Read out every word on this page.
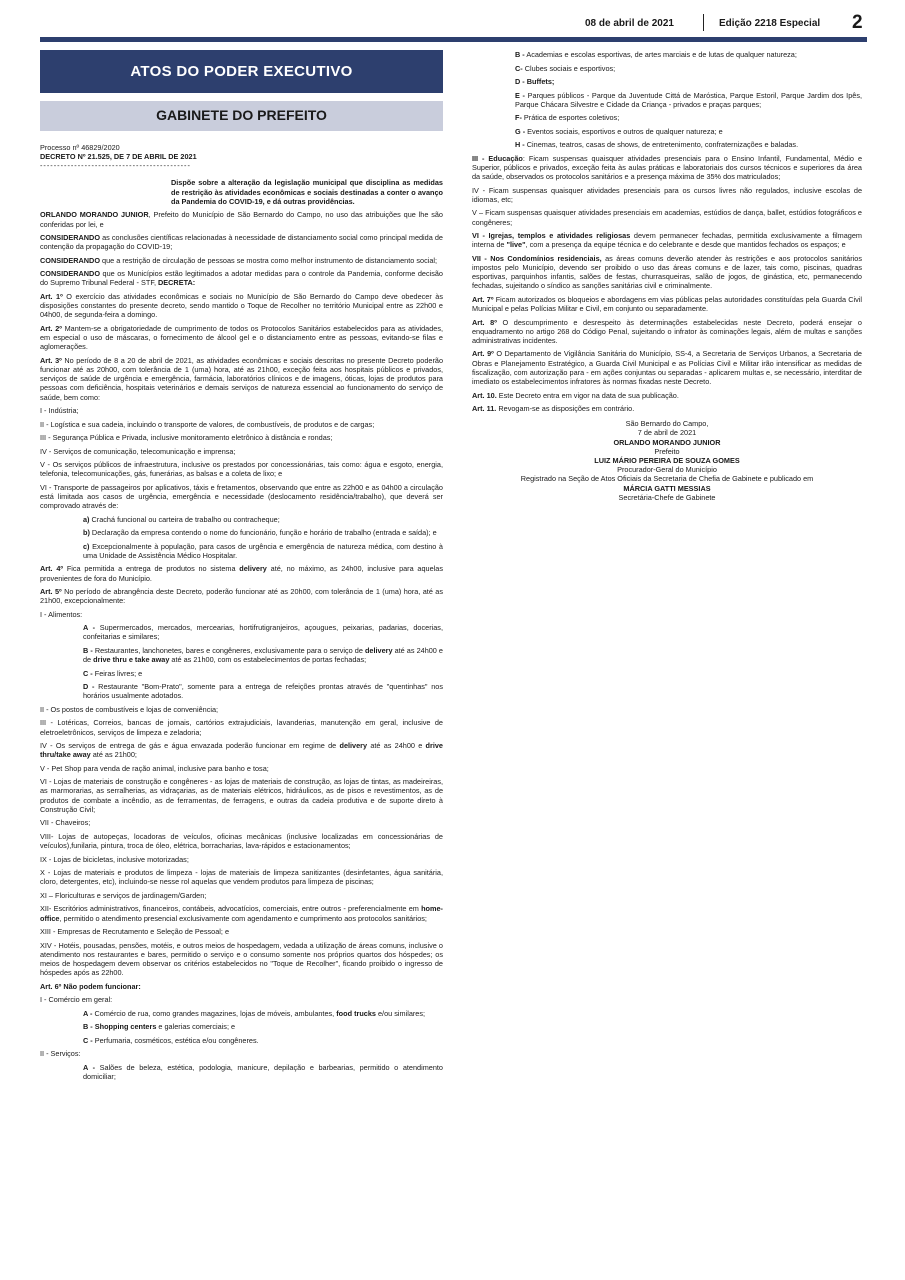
08 de abril de 2021	Edição 2218 Especial 2
ATOS DO PODER EXECUTIVO
GABINETE DO PREFEITO
Processo nº 46829/2020
DECRETO Nº 21.525, DE 7 DE ABRIL DE 2021
--------------------------------------------

Dispõe sobre a alteração da legislação municipal que disciplina as medidas de restrição às atividades econômicas e sociais destinadas a conter o avanço da Pandemia do COVID-19, e dá outras providências.

ORLANDO MORANDO JUNIOR, Prefeito do Município de São Bernardo do Campo, no uso das atribuições que lhe são conferidas por lei, e

CONSIDERANDO as conclusões científicas relacionadas à necessidade de distanciamento social como principal medida de contenção da propagação do COVID-19;

CONSIDERANDO que a restrição de circulação de pessoas se mostra como melhor instrumento de distanciamento social;

CONSIDERANDO que os Municípios estão legitimados a adotar medidas para o controle da Pandemia, conforme decisão do Supremo Tribunal Federal - STF, DECRETA:

Art. 1º O exercício das atividades econômicas e sociais no Município de São Bernardo do Campo deve obedecer às disposições constantes do presente decreto, sendo mantido o Toque de Recolher no território Municipal entre as 22h00 e 04h00, de segunda-feira a domingo.

Art. 2º Mantem-se a obrigatoriedade de cumprimento de todos os Protocolos Sanitários estabelecidos para as atividades, em especial o uso de máscaras, o fornecimento de álcool gel e o distanciamento entre as pessoas, evitando-se filas e aglomerações.

Art. 3º No período de 8 a 20 de abril de 2021, as atividades econômicas e sociais descritas no presente Decreto poderão funcionar até as 20h00, com tolerância de 1 (uma) hora, até as 21h00, exceção feita aos hospitais públicos e privados, serviços de saúde de urgência e emergência, farmácia, laboratórios clínicos e de imagens, óticas, lojas de produtos para pessoas com deficiência, hospitais veterinários e demais serviços de natureza essencial ao funcionamento do serviço de saúde, bem como:

I - Indústria;

II - Logística e sua cadeia, incluindo o transporte de valores, de combustíveis, de produtos e de cargas;

III - Segurança Pública e Privada, inclusive monitoramento eletrônico à distância e rondas;

IV - Serviços de comunicação, telecomunicação e imprensa;

V - Os serviços públicos de infraestrutura, inclusive os prestados por concessionárias, tais como: água e esgoto, energia, telefonia, telecomunicações, gás, funerárias, as balsas e a coleta de lixo; e

VI - Transporte de passageiros por aplicativos, táxis e fretamentos, observando que entre as 22h00 e as 04h00 a circulação está limitada aos casos de urgência, emergência e necessidade (deslocamento residência/trabalho), que deverá ser comprovado através de:

a) Crachá funcional ou carteira de trabalho ou contracheque;

b) Declaração da empresa contendo o nome do funcionário, função e horário de trabalho (entrada e saída); e

c) Excepcionalmente à população, para casos de urgência e emergência de natureza médica, com destino à uma Unidade de Assistência Médico Hospitalar.

Art. 4º Fica permitida a entrega de produtos no sistema delivery até, no máximo, as 24h00, inclusive para aquelas provenientes de fora do Município.

Art. 5º No período de abrangência deste Decreto, poderão funcionar até as 20h00, com tolerância de 1 (uma) hora, até as 21h00, excepcionalmente:

I - Alimentos:

A - Supermercados, mercados, mercearias, hortifrutigranjeiros, açougues, peixarias, padarias, docerias, confeitarias e similares;

B - Restaurantes, lanchonetes, bares e congêneres, exclusivamente para o serviço de delivery até as 24h00 e de drive thru e take away até as 21h00, com os estabelecimentos de portas fechadas;

C - Feiras livres; e

D - Restaurante "Bom-Prato", somente para a entrega de refeições prontas através de "quentinhas" nos horários usualmente adotados.

II - Os postos de combustíveis e lojas de conveniência;

III - Lotéricas, Correios, bancas de jornais, cartórios extrajudiciais, lavanderias, manutenção em geral, inclusive de eletroeletrônicos, serviços de limpeza e zeladoria;

IV - Os serviços de entrega de gás e água envazada poderão funcionar em regime de delivery até as 24h00 e drive thru/take away até as 21h00;

V - Pet Shop para venda de ração animal, inclusive para banho e tosa;

VI - Lojas de materiais de construção e congêneres - as lojas de materiais de construção, as lojas de tintas, as madeireiras, as marmorarias, as serralherias, as vidraçarias, as de materiais elétricos, hidráulicos, as de pisos e revestimentos, as de produtos de combate a incêndio, as de ferramentas, de ferragens, e outras da cadeia produtiva e de suporte direto à Construção Civil;

VII - Chaveiros;

VIII- Lojas de autopeças, locadoras de veículos, oficinas mecânicas (inclusive localizadas em concessionárias de veículos),funilaria, pintura, troca de óleo, elétrica, borracharias, lava-rápidos e estacionamentos;

IX - Lojas de bicicletas, inclusive motorizadas;

X - Lojas de materiais e produtos de limpeza - lojas de materiais de limpeza sanitizantes (desinfetantes, água sanitária, cloro, detergentes, etc), incluindo-se nesse rol aquelas que vendem produtos para limpeza de piscinas;

XI – Floriculturas e serviços de jardinagem/Garden;

XII- Escritórios administrativos, financeiros, contábeis, advocatícios, comerciais, entre outros - preferencialmente em home-office, permitido o atendimento presencial exclusivamente com agendamento e cumprimento aos protocolos sanitários;

XIII - Empresas de Recrutamento e Seleção de Pessoal; e

XIV - Hotéis, pousadas, pensões, motéis, e outros meios de hospedagem, vedada a utilização de áreas comuns, inclusive o atendimento nos restaurantes e bares, permitido o serviço e o consumo somente nos próprios quartos dos hóspedes; os meios de hospedagem devem observar os critérios estabelecidos no "Toque de Recolher", ficando proibido o ingresso de hóspedes após as 22h00.

Art. 6º Não podem funcionar:

I - Comércio em geral:

A - Comércio de rua, como grandes magazines, lojas de móveis, ambulantes, food trucks e/ou similares;

B - Shopping centers e galerias comerciais; e

C - Perfumaria, cosméticos, estética e/ou congêneres.

II - Serviços:

A - Salões de beleza, estética, podologia, manicure, depilação e barbearias, permitido o atendimento domiciliar;

B - Academias e escolas esportivas, de artes marciais e de lutas de qualquer natureza;

C- Clubes sociais e esportivos;

D - Buffets;

E - Parques públicos - Parque da Juventude Cittá de Maróstica, Parque Estoril, Parque Jardim dos Ipês, Parque Chácara Silvestre e Cidade da Criança - privados e praças parques;

F- Prática de esportes coletivos;

G - Eventos sociais, esportivos e outros de qualquer natureza; e

H - Cinemas, teatros, casas de shows, de entretenimento, confraternizações e baladas.

III - Educação: Ficam suspensas quaisquer atividades presenciais para o Ensino Infantil, Fundamental, Médio e Superior, públicos e privados, exceção feita às aulas práticas e laboratoriais dos cursos técnicos e superiores da área da saúde, observados os protocolos sanitários e a presença máxima de 35% dos matriculados;

IV - Ficam suspensas quaisquer atividades presenciais para os cursos livres não regulados, inclusive escolas de idiomas, etc;

V – Ficam suspensas quaisquer atividades presenciais em academias, estúdios de dança, ballet, estúdios fotográficos e congêneres;

VI - Igrejas, templos e atividades religiosas devem permanecer fechadas, permitida exclusivamente a filmagem interna de "live", com a presença da equipe técnica e do celebrante e desde que mantidos fechados os espaços; e

VII - Nos Condomínios residenciais, as áreas comuns deverão atender às restrições e aos protocolos sanitários impostos pelo Município, devendo ser proibido o uso das áreas comuns e de lazer, tais como, piscinas, quadras esportivas, parquinhos infantis, salões de festas, churrasqueiras, salão de jogos, de ginástica, etc, permanecendo fechadas, sujeitando o síndico as sanções sanitárias civil e criminalmente.

Art. 7º Ficam autorizados os bloqueios e abordagens em vias públicas pelas autoridades constituídas pela Guarda Civil Municipal e pelas Polícias Militar e Civil, em conjunto ou separadamente.

Art. 8º O descumprimento e desrespeito às determinações estabelecidas neste Decreto, poderá ensejar o enquadramento no artigo 268 do Código Penal, sujeitando o infrator às cominações legais, além de multas e sanções administrativas incidentes.

Art. 9º O Departamento de Vigilância Sanitária do Município, SS-4, a Secretaria de Serviços Urbanos, a Secretaria de Obras e Planejamento Estratégico, a Guarda Civil Municipal e as Polícias Civil e Militar irão intensificar as medidas de fiscalização, com autorização para - em ações conjuntas ou separadas - aplicarem multas e, se necessário, interditar de imediato os estabelecimentos infratores às normas fixadas neste Decreto.

Art. 10. Este Decreto entra em vigor na data de sua publicação.

Art. 11. Revogam-se as disposições em contrário.

São Bernardo do Campo,
7 de abril de 2021
ORLANDO MORANDO JUNIOR
Prefeito
LUIZ MÁRIO PEREIRA DE SOUZA GOMES
Procurador-Geral do Município
Registrado na Seção de Atos Oficiais da Secretaria de Chefia de Gabinete e publicado em
MÁRCIA GATTI MESSIAS
Secretária-Chefe de Gabinete
